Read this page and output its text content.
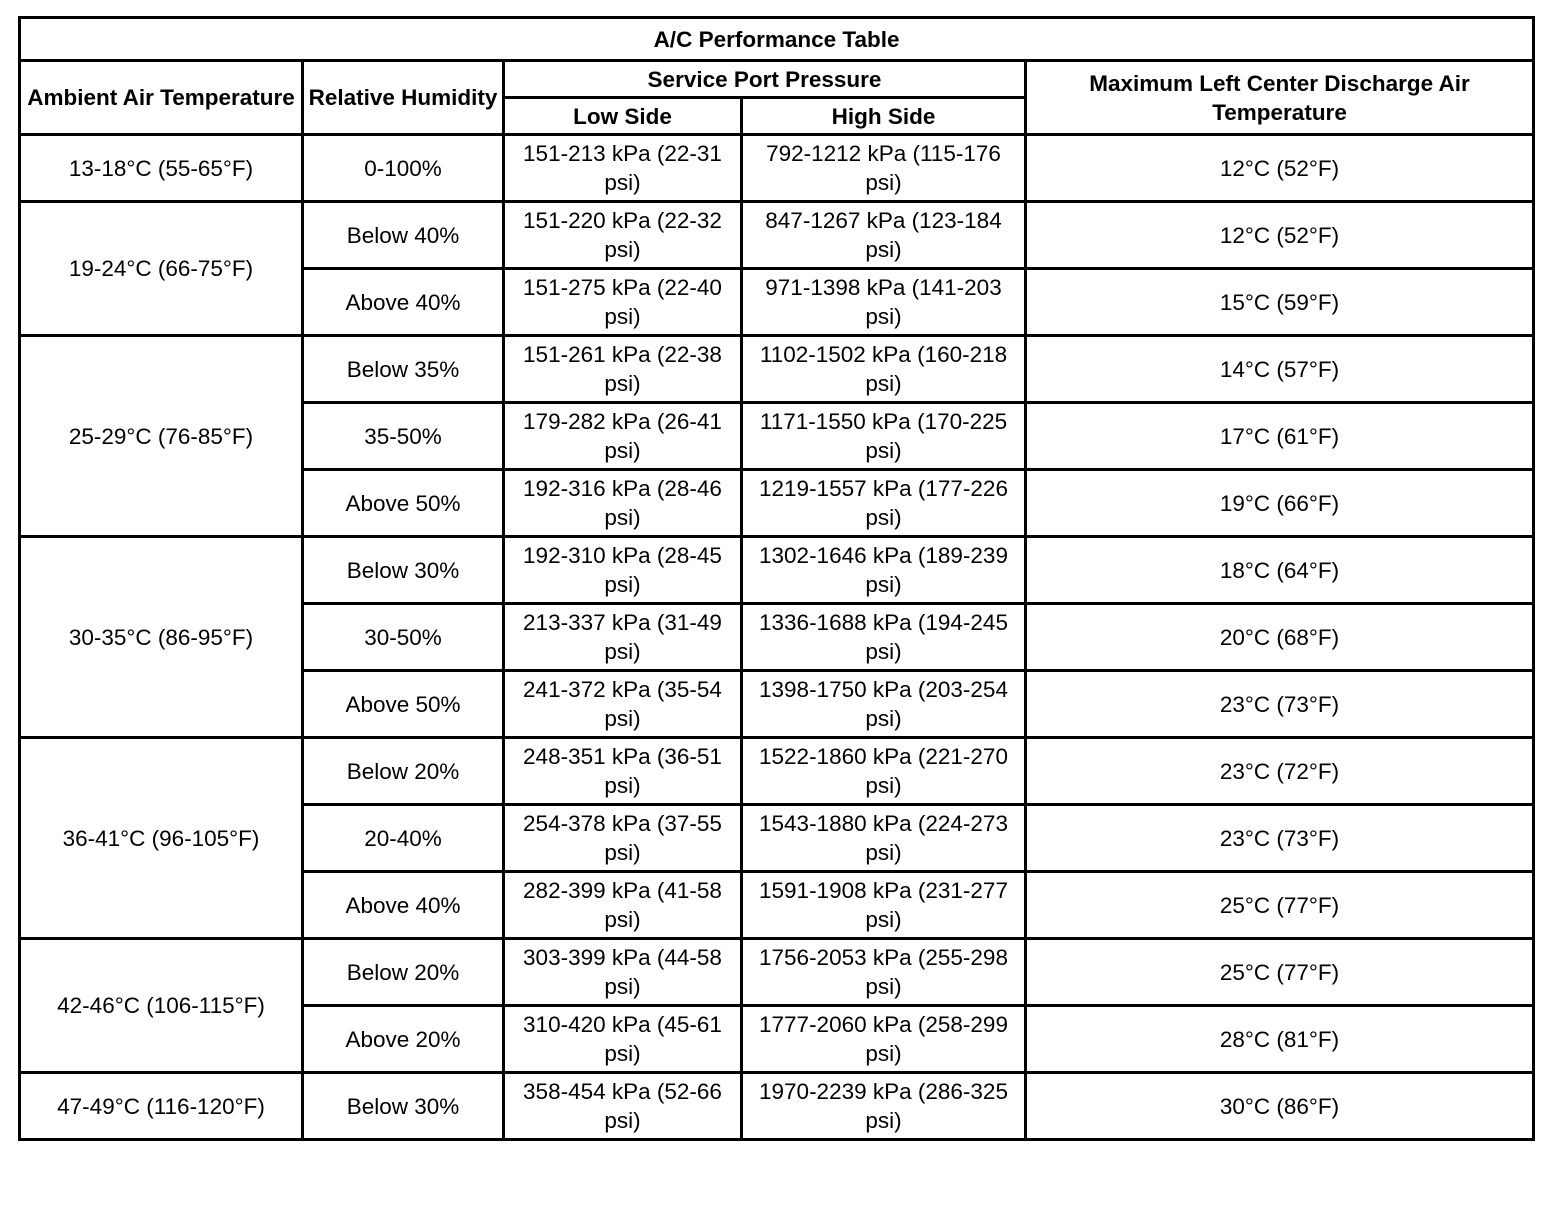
A/C Performance Table				
Ambient Air Temperature	Relative Humidity	Service Port Pressure		Maximum Left Center Discharge Air Temperature
		Low Side	High Side	
13-18°C (55-65°F)	0-100%	151-213 kPa (22-31 psi)	792-1212 kPa (115-176 psi)	12°C (52°F)
19-24°C (66-75°F)	Below 40%	151-220 kPa (22-32 psi)	847-1267 kPa (123-184 psi)	12°C (52°F)
	Above 40%	151-275 kPa (22-40 psi)	971-1398 kPa (141-203 psi)	15°C (59°F)
25-29°C (76-85°F)	Below 35%	151-261 kPa (22-38 psi)	1102-1502 kPa (160-218 psi)	14°C (57°F)
	35-50%	179-282 kPa (26-41 psi)	1171-1550 kPa (170-225 psi)	17°C (61°F)
	Above 50%	192-316 kPa (28-46 psi)	1219-1557 kPa (177-226 psi)	19°C (66°F)
30-35°C (86-95°F)	Below 30%	192-310 kPa (28-45 psi)	1302-1646 kPa (189-239 psi)	18°C (64°F)
	30-50%	213-337 kPa (31-49 psi)	1336-1688 kPa (194-245 psi)	20°C (68°F)
	Above 50%	241-372 kPa (35-54 psi)	1398-1750 kPa (203-254 psi)	23°C (73°F)
36-41°C (96-105°F)	Below 20%	248-351 kPa (36-51 psi)	1522-1860 kPa (221-270 psi)	23°C (72°F)
	20-40%	254-378 kPa (37-55 psi)	1543-1880 kPa (224-273 psi)	23°C (73°F)
	Above 40%	282-399 kPa (41-58 psi)	1591-1908 kPa (231-277 psi)	25°C (77°F)
42-46°C (106-115°F)	Below 20%	303-399 kPa (44-58 psi)	1756-2053 kPa (255-298 psi)	25°C (77°F)
	Above 20%	310-420 kPa (45-61 psi)	1777-2060 kPa (258-299 psi)	28°C (81°F)
47-49°C (116-120°F)	Below 30%	358-454 kPa (52-66 psi)	1970-2239 kPa (286-325 psi)	30°C (86°F)
